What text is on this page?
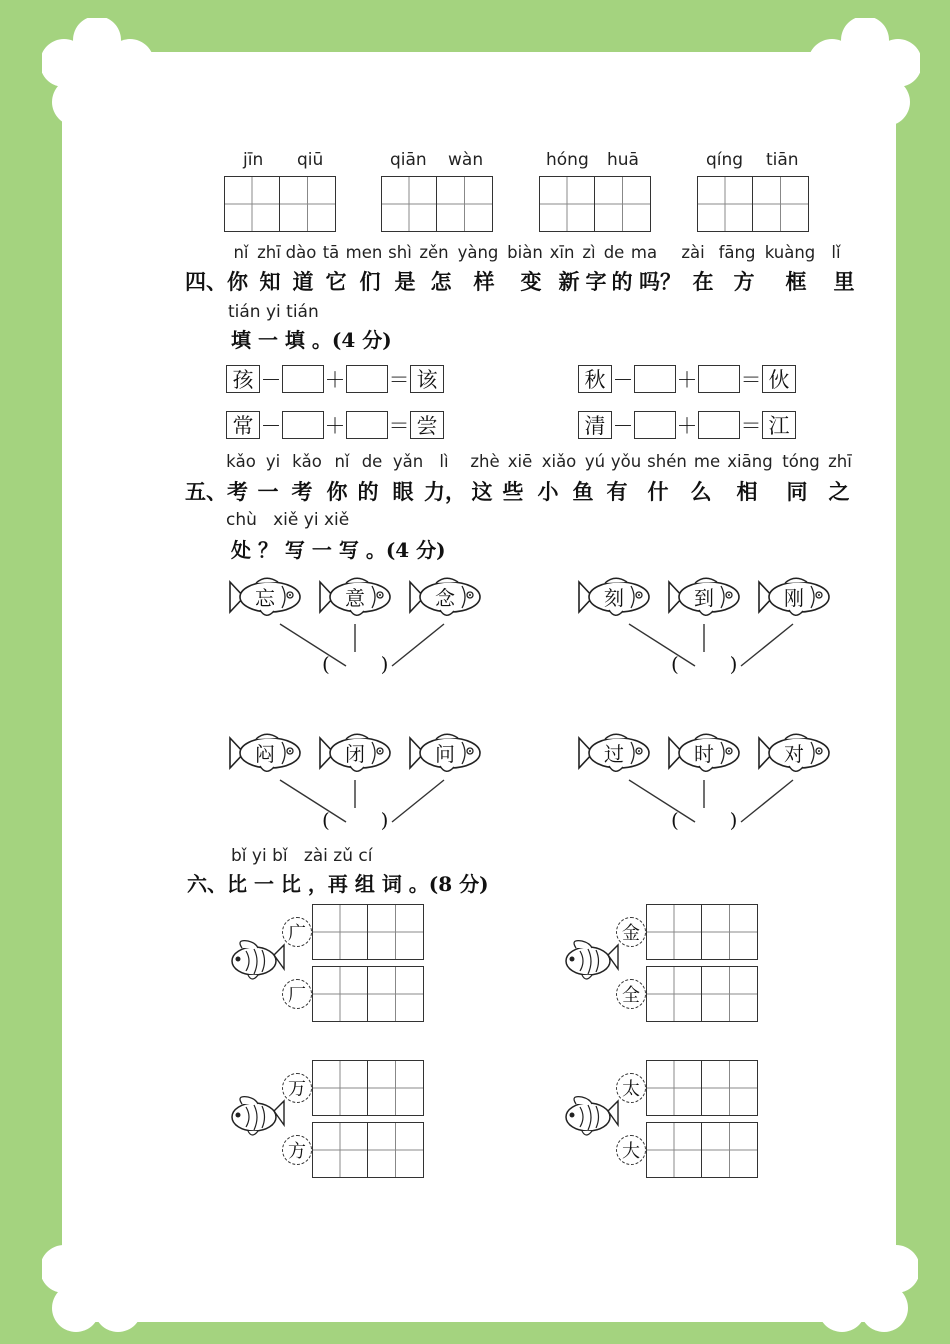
jīn qiū	qiān wàn	hóng huā	qíng tiān
nǐ zhī dào tā men shì zěn yàng biàn xīn zì de ma	zài fāng kuàng lǐ
四、你 知 道 它 们 是 怎	样	变 新 字 的 吗？ 在 方	框	里
tián yi tián
填 一 填 。(4 分)
孩 － ＋ ＝ 该	秋 － ＋ ＝ 伙
常 － ＋ ＝ 尝	清 － ＋ ＝ 江
kǎo yi kǎo nǐ de yǎn lì	zhè xiē xiǎo yú yǒu shén me xiāng tóng zhī
五、考 一 考 你 的 眼 力， 这 些 小 鱼 有 什	么	相	同	之
chù   xiě yi xiě
处 ？ 写 一 写 。(4 分)
忘	意	念
(        )
刻	到	刚
(        )
闷	闭	问
(        )
过	时	对
(        )
bǐ yi bǐ   zài zǔ cí
六、比 一 比 ，再 组 词 。(8 分)
广
厂
金
全
万
方
太
大
